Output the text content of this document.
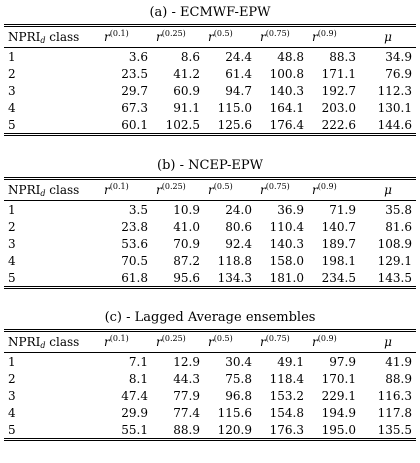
(a) - ECMWF-EPW
$NPRI_d$ class	$r^{(0.1)}$	$r^{(0.25)}$	$r^{(0.5)}$	$r^{(0.75)}$	$r^{(0.9)}$	μ
1	3.6	8.6	24.4	48.8	88.3	34.9
2	23.5	41.2	61.4	100.8	171.1	76.9
3	29.7	60.9	94.7	140.3	192.7	112.3
4	67.3	91.1	115.0	164.1	203.0	130.1
5	60.1	102.5	125.6	176.4	222.6	144.6
(b) - NCEP-EPW
$NPRI_d$ class	$r^{(0.1)}$	$r^{(0.25)}$	$r^{(0.5)}$	$r^{(0.75)}$	$r^{(0.9)}$	μ
1	3.5	10.9	24.0	36.9	71.9	35.8
2	23.8	41.0	80.6	110.4	140.7	81.6
3	53.6	70.9	92.4	140.3	189.7	108.9
4	70.5	87.2	118.8	158.0	198.1	129.1
5	61.8	95.6	134.3	181.0	234.5	143.5
(c) - Lagged Average ensembles
$NPRI_d$ class	$r^{(0.1)}$	$r^{(0.25)}$	$r^{(0.5)}$	$r^{(0.75)}$	$r^{(0.9)}$	μ
1	7.1	12.9	30.4	49.1	97.9	41.9
2	8.1	44.3	75.8	118.4	170.1	88.9
3	47.4	77.9	96.8	153.2	229.1	116.3
4	29.9	77.4	115.6	154.8	194.9	117.8
5	55.1	88.9	120.9	176.3	195.0	135.5
